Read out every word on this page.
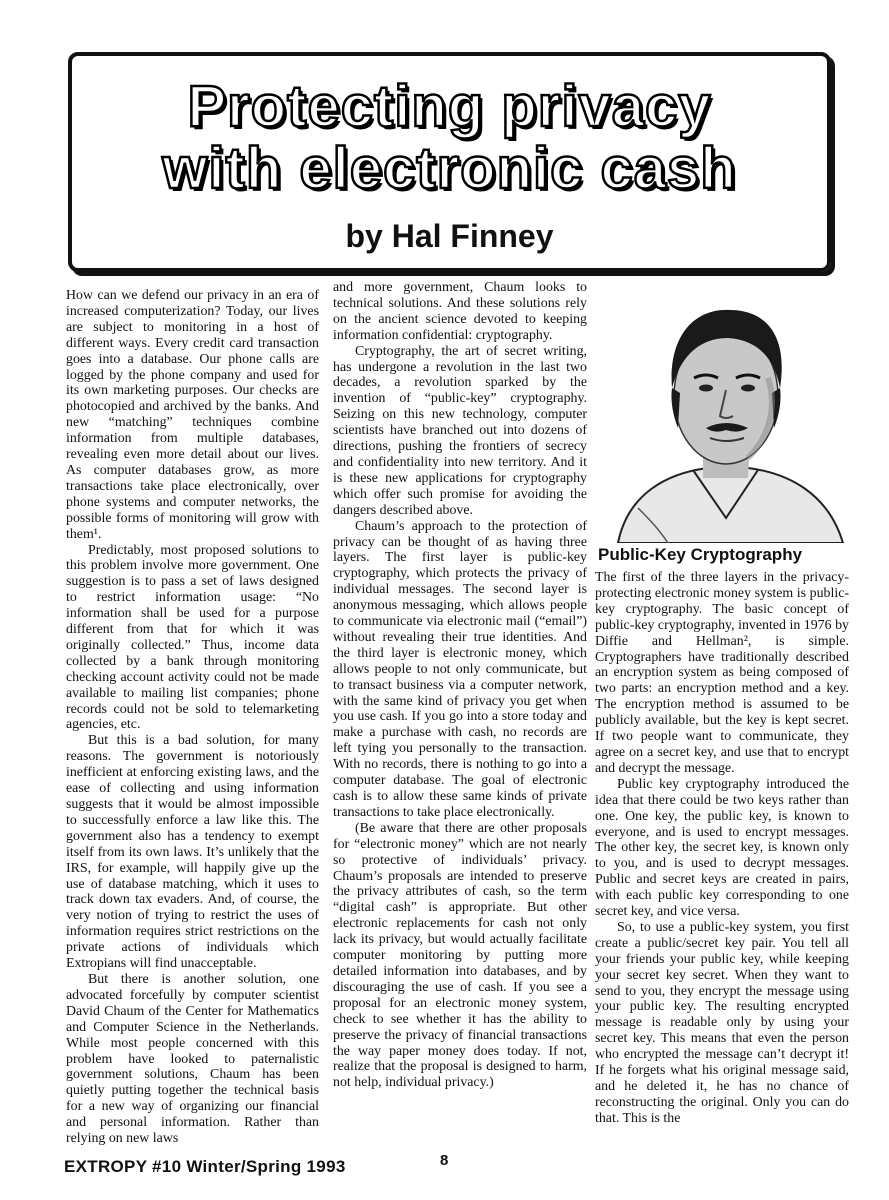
Protecting privacy
with electronic cash
by Hal Finney

How can we defend our privacy in an era of increased computerization? Today, our lives are subject to monitoring in a host of different ways. Every credit card transaction goes into a database. Our phone calls are logged by the phone company and used for its own marketing purposes. Our checks are photocopied and archived by the banks. And new “matching” techniques combine information from multiple databases, revealing even more detail about our lives. As computer databases grow, as more transactions take place electronically, over phone systems and computer networks, the possible forms of monitoring will grow with them¹.

Predictably, most proposed solutions to this problem involve more government. One suggestion is to pass a set of laws designed to restrict information usage: “No information shall be used for a purpose different from that for which it was originally collected.” Thus, income data collected by a bank through monitoring checking account activity could not be made available to mailing list companies; phone records could not be sold to telemarketing agencies, etc.

But this is a bad solution, for many reasons. The government is notoriously inefficient at enforcing existing laws, and the ease of collecting and using information suggests that it would be almost impossible to successfully enforce a law like this. The government also has a tendency to exempt itself from its own laws. It’s unlikely that the IRS, for example, will happily give up the use of database matching, which it uses to track down tax evaders. And, of course, the very notion of trying to restrict the uses of information requires strict restrictions on the private actions of individuals which Extropians will find unacceptable.

But there is another solution, one advocated forcefully by computer scientist David Chaum of the Center for Mathematics and Computer Science in the Netherlands. While most people concerned with this problem have looked to paternalistic government solutions, Chaum has been quietly putting together the technical basis for a new way of organizing our financial and personal information. Rather than relying on new laws

and more government, Chaum looks to technical solutions. And these solutions rely on the ancient science devoted to keeping information confidential: cryptography.

Cryptography, the art of secret writing, has undergone a revolution in the last two decades, a revolution sparked by the invention of “public-key” cryptography. Seizing on this new technology, computer scientists have branched out into dozens of directions, pushing the frontiers of secrecy and confidentiality into new territory. And it is these new applications for cryptography which offer such promise for avoiding the dangers described above.

Chaum’s approach to the protection of privacy can be thought of as having three layers. The first layer is public-key cryptography, which protects the privacy of individual messages. The second layer is anonymous messaging, which allows people to communicate via electronic mail (“email”) without revealing their true identities. And the third layer is electronic money, which allows people to not only communicate, but to transact business via a computer network, with the same kind of privacy you get when you use cash. If you go into a store today and make a purchase with cash, no records are left tying you personally to the transaction. With no records, there is nothing to go into a computer database. The goal of electronic cash is to allow these same kinds of private transactions to take place electronically.

(Be aware that there are other proposals for “electronic money” which are not nearly so protective of individuals’ privacy. Chaum’s proposals are intended to preserve the privacy attributes of cash, so the term “digital cash” is appropriate. But other electronic replacements for cash not only lack its privacy, but would actually facilitate computer monitoring by putting more detailed information into databases, and by discouraging the use of cash. If you see a proposal for an electronic money system, check to see whether it has the ability to preserve the privacy of financial transactions the way paper money does today. If not, realize that the proposal is designed to harm, not help, individual privacy.)

Public-Key Cryptography

The first of the three layers in the privacy-protecting electronic money system is public-key cryptography. The basic concept of public-key cryptography, invented in 1976 by Diffie and Hellman², is simple. Cryptographers have traditionally described an encryption system as being composed of two parts: an encryption method and a key. The encryption method is assumed to be publicly available, but the key is kept secret. If two people want to communicate, they agree on a secret key, and use that to encrypt and decrypt the message.

Public key cryptography introduced the idea that there could be two keys rather than one. One key, the public key, is known to everyone, and is used to encrypt messages. The other key, the secret key, is known only to you, and is used to decrypt messages. Public and secret keys are created in pairs, with each public key corresponding to one secret key, and vice versa.

So, to use a public-key system, you first create a public/secret key pair. You tell all your friends your public key, while keeping your secret key secret. When they want to send to you, they encrypt the message using your public key. The resulting encrypted message is readable only by using your secret key. This means that even the person who encrypted the message can’t decrypt it! If he forgets what his original message said, and he deleted it, he has no chance of reconstructing the original. Only you can do that. This is the

EXTROPY #10 Winter/Spring 1993	8
